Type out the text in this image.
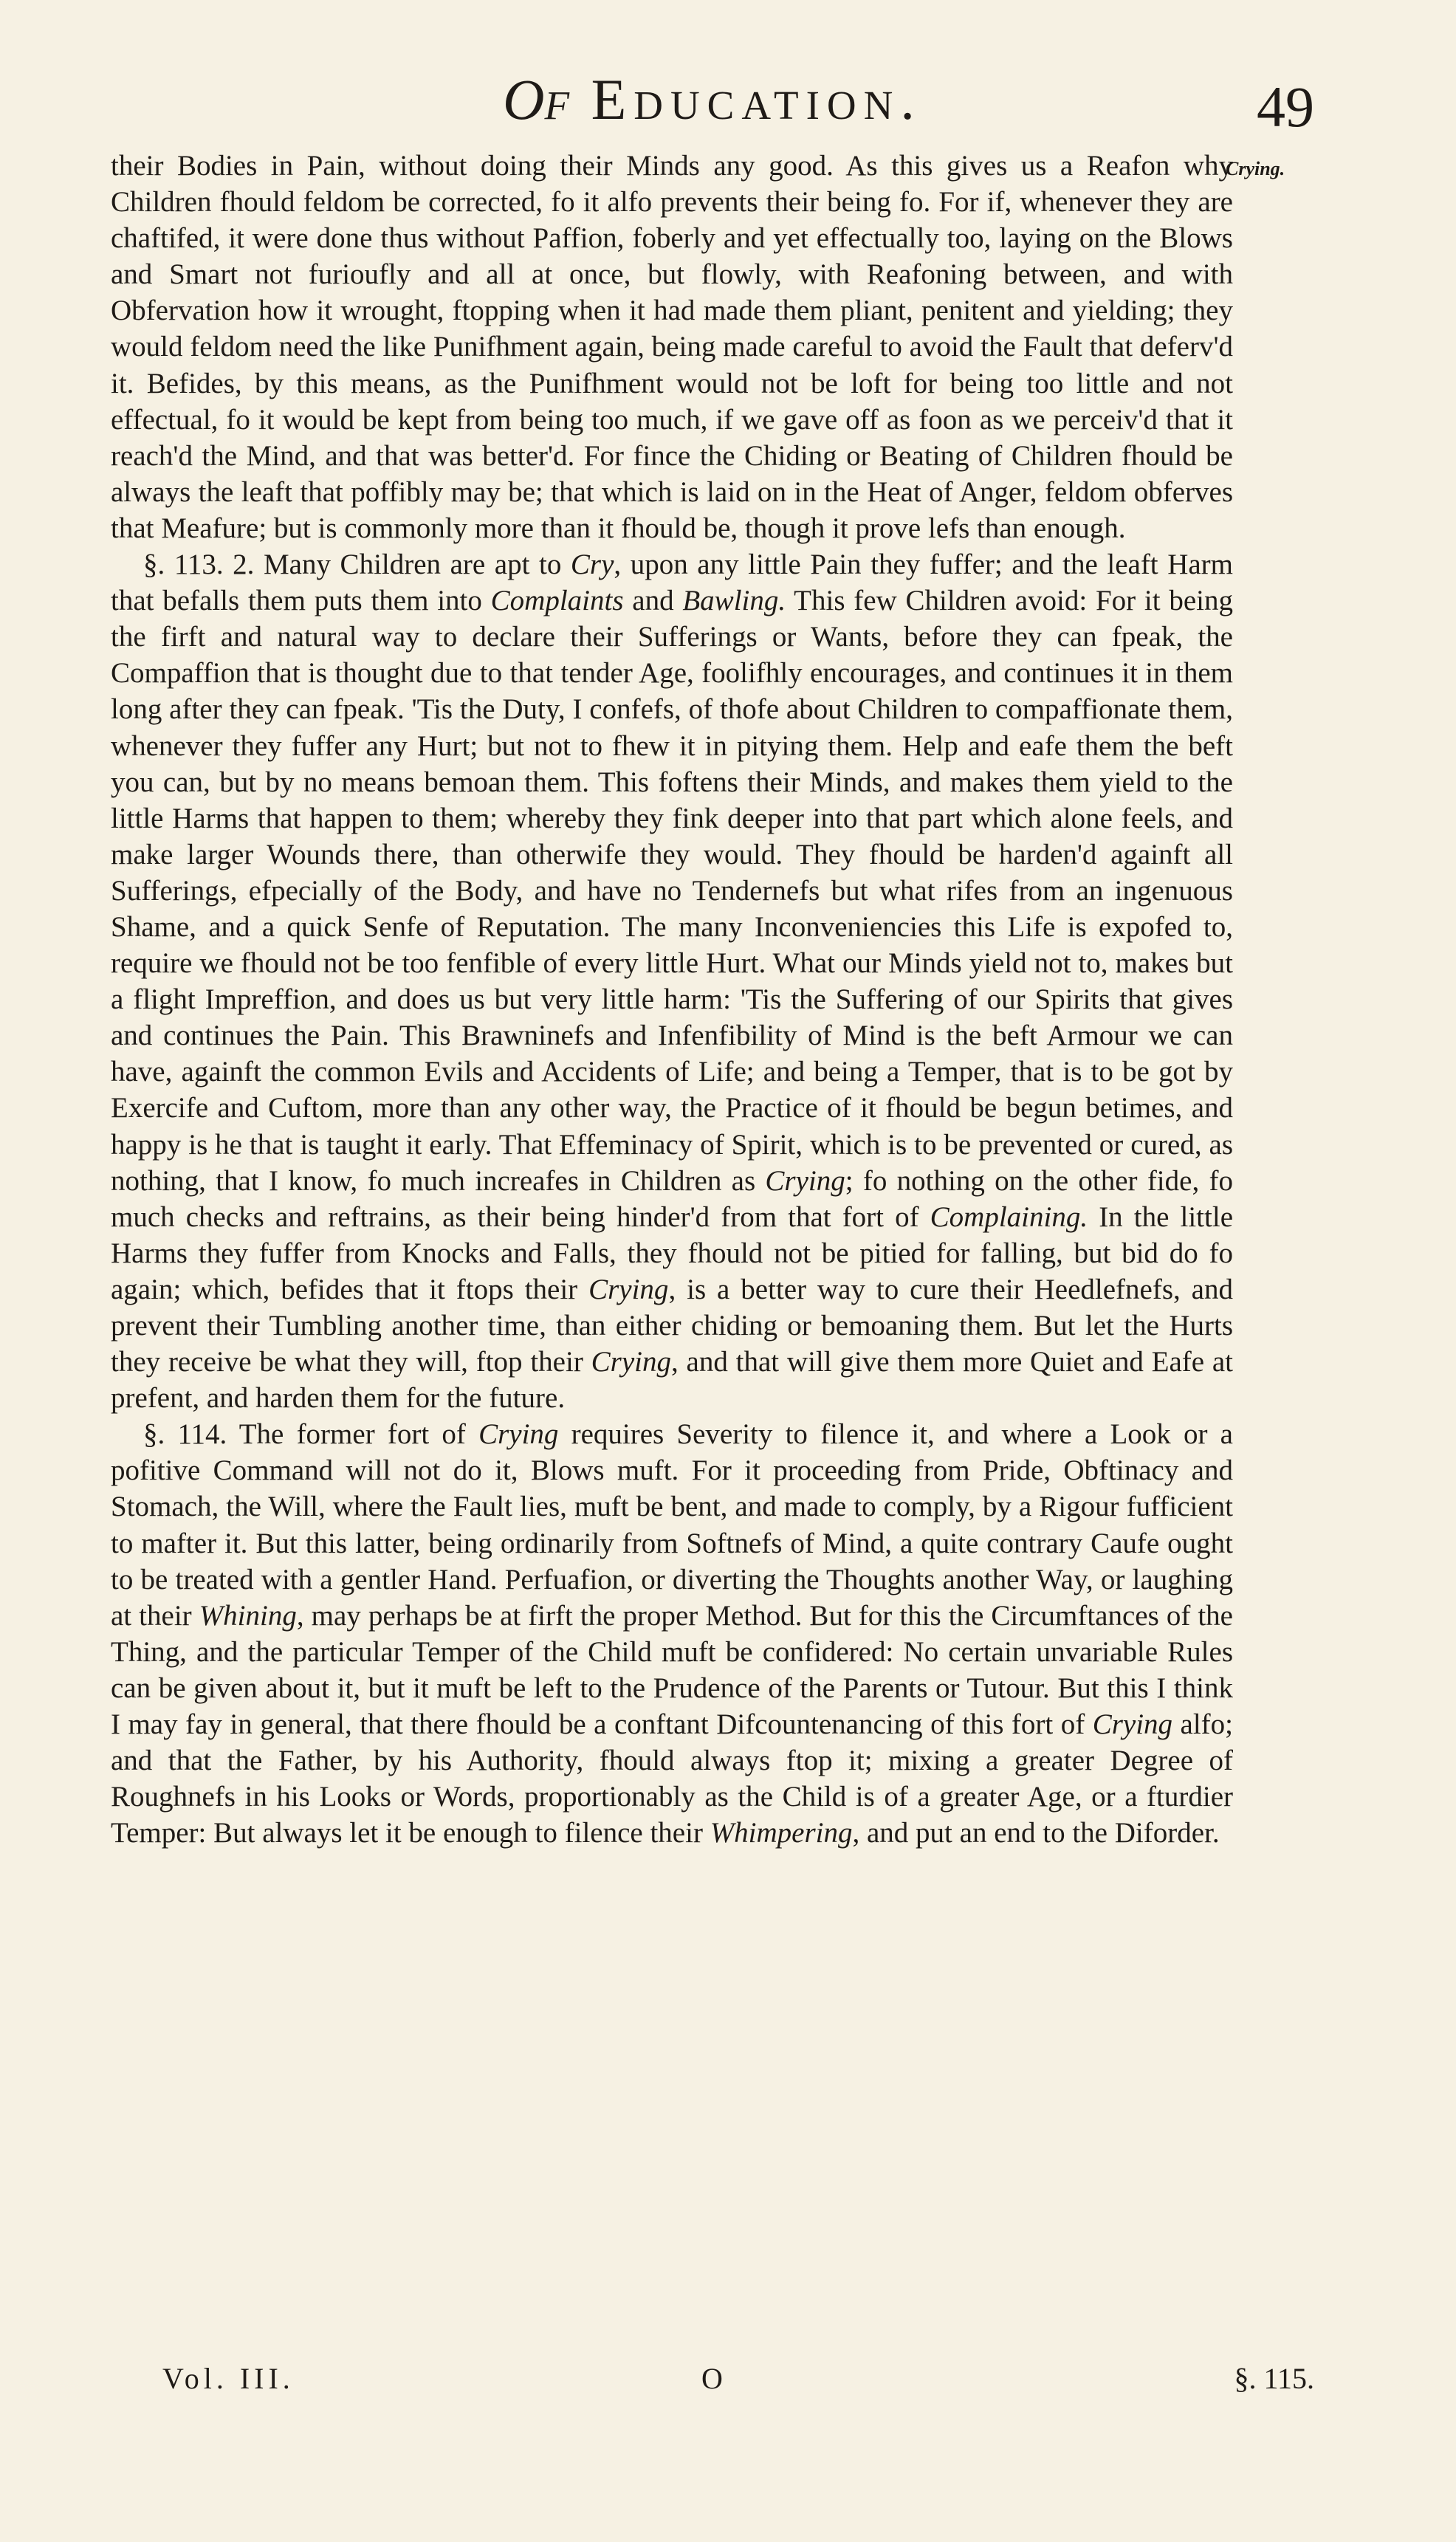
Of Education.	49
Crying.

their Bodies in Pain, without doing their Minds any good. As this gives us a Reafon why Children fhould feldom be corrected, fo it alfo prevents their being fo. For if, whenever they are chaftifed, it were done thus without Paffion, foberly and yet effectually too, laying on the Blows and Smart not furioufly and all at once, but flowly, with Reafoning between, and with Obfervation how it wrought, ftopping when it had made them pliant, penitent and yielding; they would feldom need the like Punifhment again, being made careful to avoid the Fault that deferv'd it. Befides, by this means, as the Punifhment would not be loft for being too little and not effectual, fo it would be kept from being too much, if we gave off as foon as we perceiv'd that it reach'd the Mind, and that was better'd. For fince the Chiding or Beating of Children fhould be always the leaft that poffibly may be; that which is laid on in the Heat of Anger, feldom obferves that Meafure; but is commonly more than it fhould be, though it prove lefs than enough.

§. 113. 2. Many Children are apt to Cry, upon any little Pain they fuffer; and the leaft Harm that befalls them puts them into Complaints and Bawling. This few Children avoid: For it being the firft and natural way to declare their Sufferings or Wants, before they can fpeak, the Compaffion that is thought due to that tender Age, foolifhly encourages, and continues it in them long after they can fpeak. 'Tis the Duty, I confefs, of thofe about Children to compaffionate them, whenever they fuffer any Hurt; but not to fhew it in pitying them. Help and eafe them the beft you can, but by no means bemoan them. This foftens their Minds, and makes them yield to the little Harms that happen to them; whereby they fink deeper into that part which alone feels, and make larger Wounds there, than otherwife they would. They fhould be harden'd againft all Sufferings, efpecially of the Body, and have no Tendernefs but what rifes from an ingenuous Shame, and a quick Senfe of Reputation. The many Inconveniencies this Life is expofed to, require we fhould not be too fenfible of every little Hurt. What our Minds yield not to, makes but a flight Impreffion, and does us but very little harm: 'Tis the Suffering of our Spirits that gives and continues the Pain. This Brawninefs and Infenfibility of Mind is the beft Armour we can have, againft the common Evils and Accidents of Life; and being a Temper, that is to be got by Exercife and Cuftom, more than any other way, the Practice of it fhould be begun betimes, and happy is he that is taught it early. That Effeminacy of Spirit, which is to be prevented or cured, as nothing, that I know, fo much increafes in Children as Crying; fo nothing on the other fide, fo much checks and reftrains, as their being hinder'd from that fort of Complaining. In the little Harms they fuffer from Knocks and Falls, they fhould not be pitied for falling, but bid do fo again; which, befides that it ftops their Crying, is a better way to cure their Heedlefnefs, and prevent their Tumbling another time, than either chiding or bemoaning them. But let the Hurts they receive be what they will, ftop their Crying, and that will give them more Quiet and Eafe at prefent, and harden them for the future.

§. 114. The former fort of Crying requires Severity to filence it, and where a Look or a pofitive Command will not do it, Blows muft. For it proceeding from Pride, Obftinacy and Stomach, the Will, where the Fault lies, muft be bent, and made to comply, by a Rigour fufficient to mafter it. But this latter, being ordinarily from Softnefs of Mind, a quite contrary Caufe ought to be treated with a gentler Hand. Perfuafion, or diverting the Thoughts another Way, or laughing at their Whining, may perhaps be at firft the proper Method. But for this the Circumftances of the Thing, and the particular Temper of the Child muft be confidered: No certain unvariable Rules can be given about it, but it muft be left to the Prudence of the Parents or Tutour. But this I think I may fay in general, that there fhould be a conftant Difcountenancing of this fort of Crying alfo; and that the Father, by his Authority, fhould always ftop it; mixing a greater Degree of Roughnefs in his Looks or Words, proportionably as the Child is of a greater Age, or a fturdier Temper: But always let it be enough to filence their Whimpering, and put an end to the Diforder.

Vol. III.	O	§. 115.
